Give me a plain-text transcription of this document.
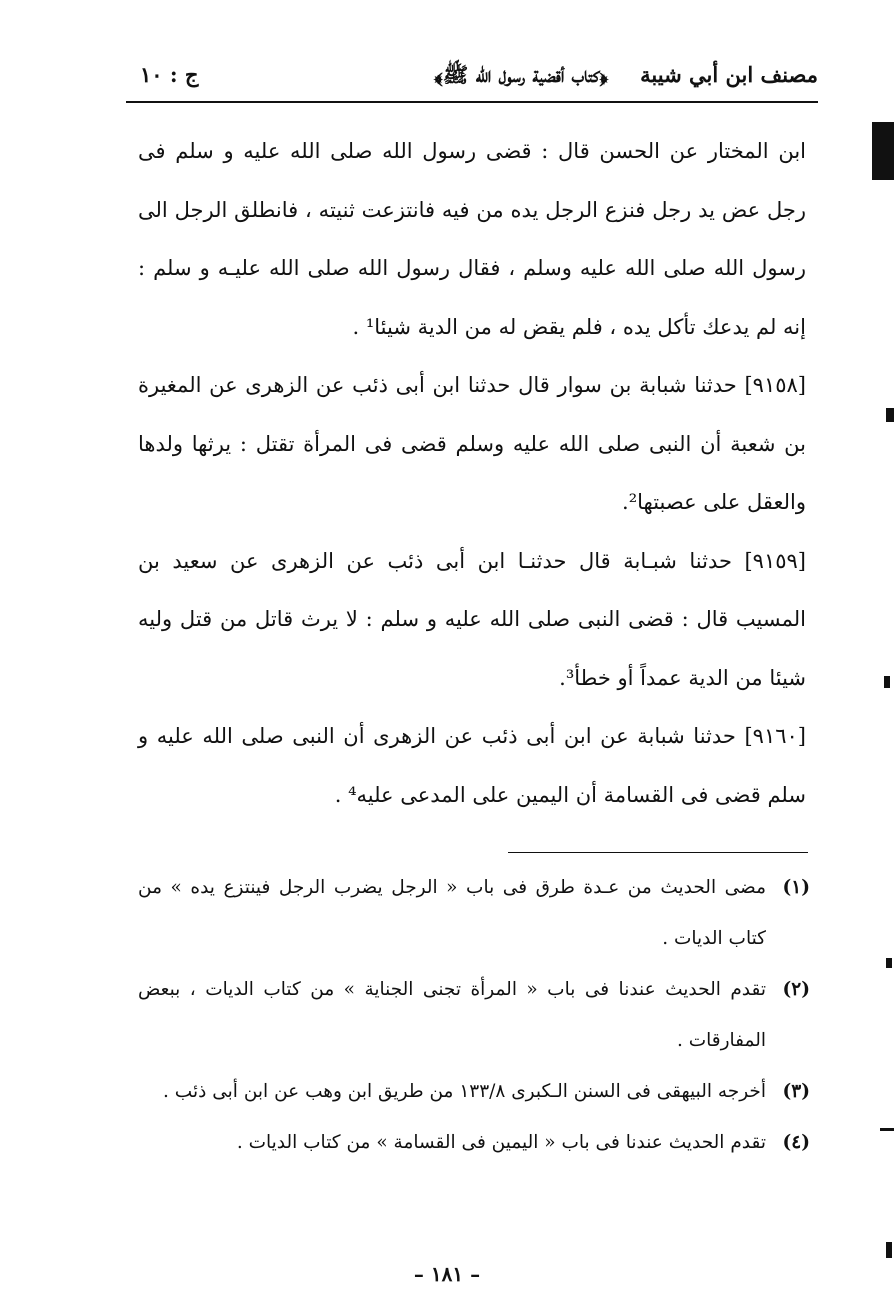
مصنف ابن أبي شيبة
﴿كتاب أقضية رسول الله ﷺ﴾
ج : ١٠

ابن المختار عن الحسن قال : قضى رسول الله صلى الله عليه و سلم فى رجل عض يد رجل فنزع الرجل يده من فيه فانتزعت ثنيته ، فانطلق الرجل الى رسول الله صلى الله عليه وسلم ، فقال رسول الله صلى الله عليـه و سلم : إنه لم يدعك تأكل يده ، فلم يقض له من الدية شيئا¹ .

[٩١٥٨] حدثنا شبابة بن سوار قال حدثنا ابن أبى ذئب عن الزهرى عن المغيرة بن شعبة أن النبى صلى الله عليه وسلم قضى فى المرأة تقتل : يرثها ولدها والعقل على عصبتها².

[٩١٥٩] حدثنا شبـابة قال حدثنـا ابن أبى ذئب عن الزهرى عن سعيد بن المسيب قال : قضى النبى صلى الله عليه و سلم : لا يرث قاتل من قتل وليه شيئا من الدية عمداً أو خطأ³.

[٩١٦٠] حدثنا شبابة عن ابن أبى ذئب عن الزهرى أن النبى صلى الله عليه و سلم قضى فى القسامة أن اليمين على المدعى عليه⁴ .

(١)
مضى الحديث من عـدة طرق فى باب « الرجل يضرب الرجل فينتزع يده » من كتاب الديات .
(٢)
تقدم الحديث عندنا فى باب « المرأة تجنى الجناية » من كتاب الديات ، ببعض المفارقات .
(٣)
أخرجه البيهقى فى السنن الـكبرى ١٣٣/٨ من طريق ابن وهب عن ابن أبى ذئب .
(٤)
تقدم الحديث عندنا فى باب « اليمين فى القسامة » من كتاب الديات .
– ١٨١ –
